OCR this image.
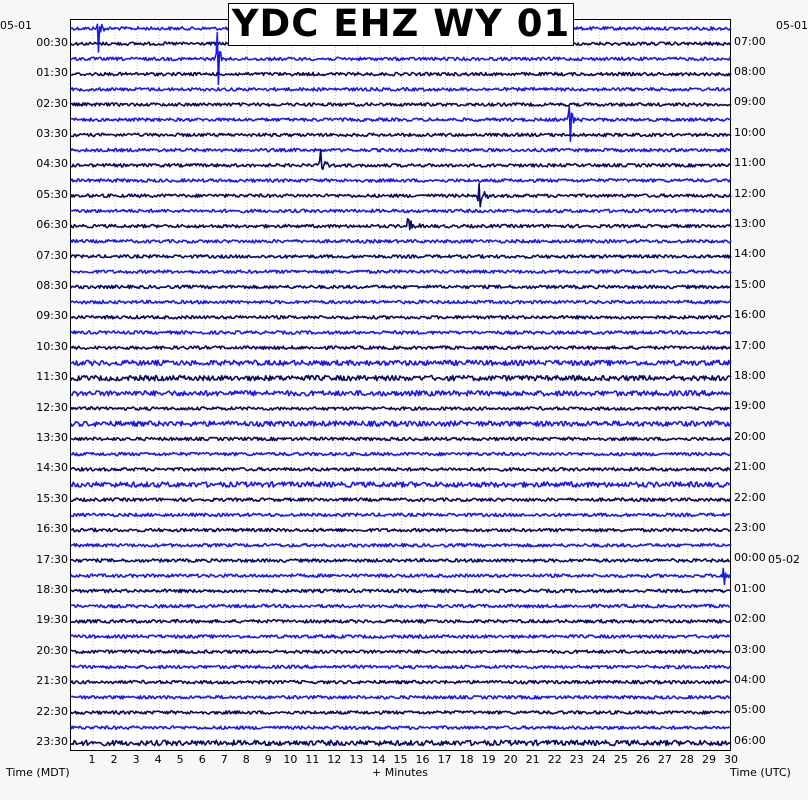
YDC EHZ WY 01
05-01	05-01
00:30
01:30
02:30
03:30
04:30
05:30
06:30
07:30
08:30
09:30
10:30
11:30
12:30
13:30
14:30
15:30
16:30
17:30
18:30
19:30
20:30
21:30
22:30
23:30
07:00
08:00
09:00
10:00
11:00
12:00
13:00
14:00
15:00
16:00
17:00
18:00
19:00
20:00
21:00
22:00
23:00
00:00
01:00
02:00
03:00
04:00
05:00
06:00
05-02
1	2	3	4	5	6	7	8	9	10 11 12 13 14 15 16 17 18 19 20 21 22 23 24 25 26 27 28 29 30
Time (MDT)	+ Minutes	Time (UTC)
